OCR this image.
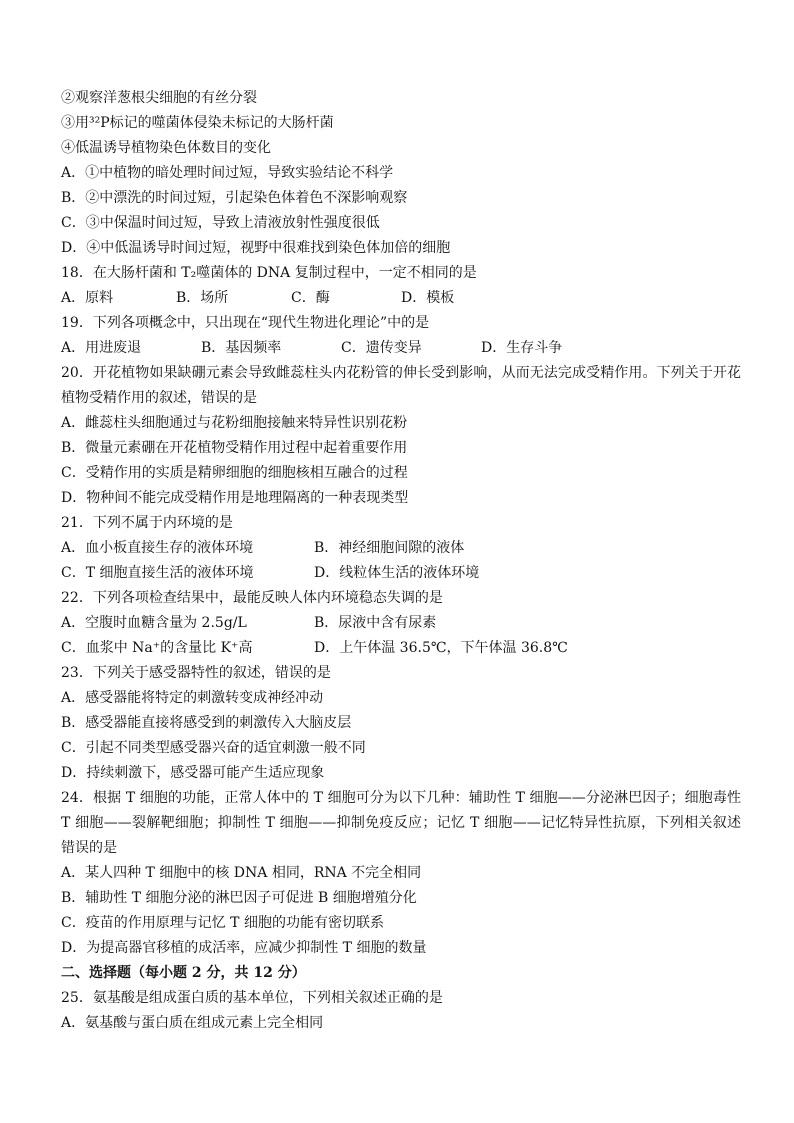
②观察洋葱根尖细胞的有丝分裂
③用³²P标记的噬菌体侵染未标记的大肠杆菌
④低温诱导植物染色体数目的变化
A．①中植物的暗处理时间过短，导致实验结论不科学
B．②中漂洗的时间过短，引起染色体着色不深影响观察
C．③中保温时间过短，导致上清液放射性强度很低
D．④中低温诱导时间过短，视野中很难找到染色体加倍的细胞
18．在大肠杆菌和 T₂噬菌体的 DNA 复制过程中，一定不相同的是
A．原料	B．场所	C．酶	D．模板
19．下列各项概念中，只出现在“现代生物进化理论”中的是
A．用进废退	B．基因频率	C．遗传变异	D．生存斗争
20．开花植物如果缺硼元素会导致雌蕊柱头内花粉管的伸长受到影响，从而无法完成受精作用。下列关于开花植物受精作用的叙述，错误的是
A．雌蕊柱头细胞通过与花粉细胞接触来特异性识别花粉
B．微量元素硼在开花植物受精作用过程中起着重要作用
C．受精作用的实质是精卵细胞的细胞核相互融合的过程
D．物种间不能完成受精作用是地理隔离的一种表现类型
21．下列不属于内环境的是
A．血小板直接生存的液体环境	B．神经细胞间隙的液体
C．T 细胞直接生活的液体环境	D．线粒体生活的液体环境
22．下列各项检查结果中，最能反映人体内环境稳态失调的是
A．空腹时血糖含量为 2.5g/L	B．尿液中含有尿素
C．血浆中 Na⁺的含量比 K⁺高	D．上午体温 36.5℃，下午体温 36.8℃
23．下列关于感受器特性的叙述，错误的是
A．感受器能将特定的刺激转变成神经冲动
B．感受器能直接将感受到的刺激传入大脑皮层
C．引起不同类型感受器兴奋的适宜刺激一般不同
D．持续刺激下，感受器可能产生适应现象
24．根据 T 细胞的功能，正常人体中的 T 细胞可分为以下几种：辅助性 T 细胞——分泌淋巴因子；细胞毒性 T 细胞——裂解靶细胞；抑制性 T 细胞——抑制免疫反应；记忆 T 细胞——记忆特异性抗原，下列相关叙述错误的是
A．某人四种 T 细胞中的核 DNA 相同，RNA 不完全相同
B．辅助性 T 细胞分泌的淋巴因子可促进 B 细胞增殖分化
C．疫苗的作用原理与记忆 T 细胞的功能有密切联系
D．为提高器官移植的成活率，应减少抑制性 T 细胞的数量
二、选择题（每小题 2 分，共 12 分）
25．氨基酸是组成蛋白质的基本单位，下列相关叙述正确的是
A．氨基酸与蛋白质在组成元素上完全相同
